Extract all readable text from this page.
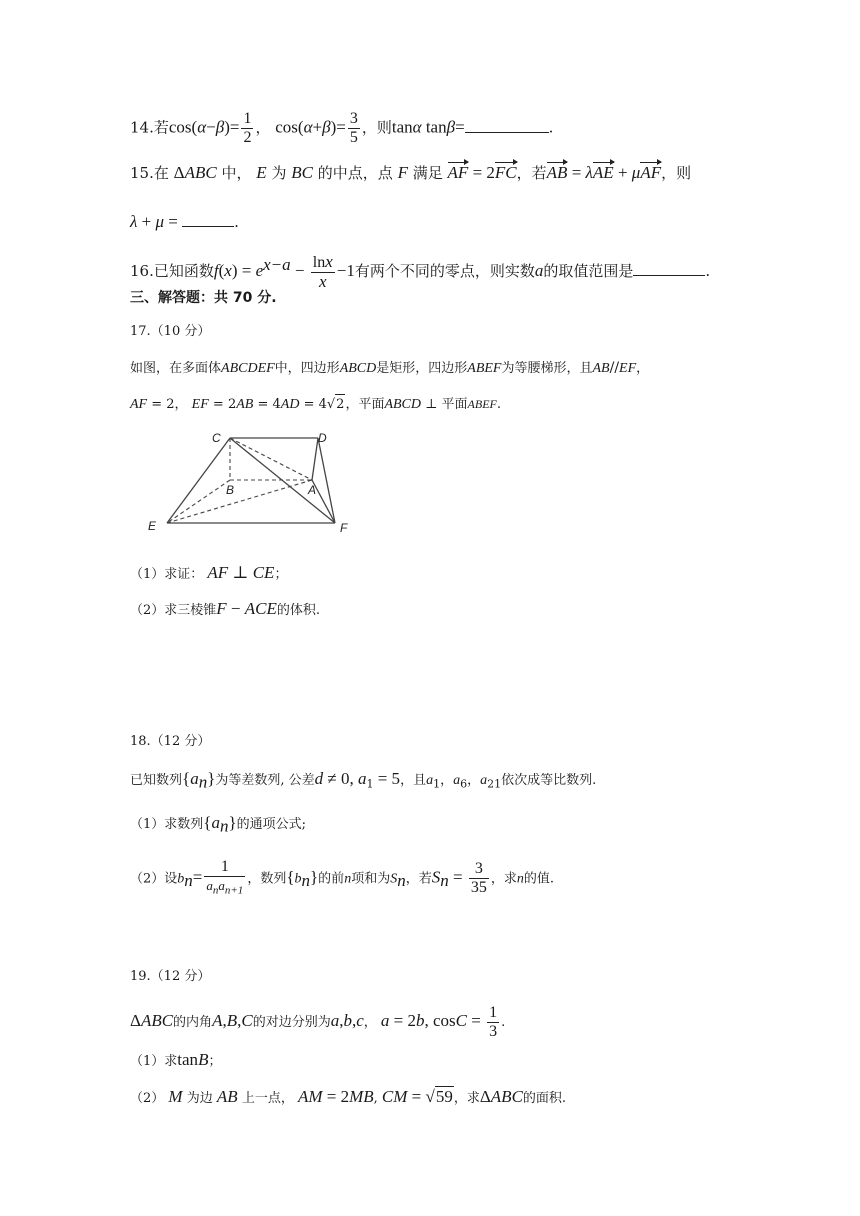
14.若$\cos(\alpha-\beta)= \frac{1}{2}$ ， $\cos(\alpha+\beta)= \frac{3}{5}$ ，则tanα tanβ=	.
15.在 ΔABC 中， E 为 BC 的中点，点 F 满足 AF = 2FC，若AB = λAE + μAF，则
λ + μ =	.
16.已知函数$f(x) = e^{x-a} - \frac{\ln x}{x} -1$有两个不同的零点，则实数a的取值范围是	.
三、解答题：共 70 分.
17.（10 分）
如图，在多面体ABCDEF中，四边形ABCD是矩形，四边形ABEF为等腰梯形，且AB//EF，
AF = 2， EF = 2AB = 4AD = 4√2，平面ABCD ⊥ 平面ABEF.
C	D
B	A
E	F
（1）求证： AF ⊥ CE；
（2）求三棱锥F − ACE的体积.
18.（12 分）
已知数列$\{a_n\}$为等差数列, 公差d ≠ 0, $a_1 = 5$，且$a_1$，$a_6$，$a_{21}$依次成等比数列.
（1）求数列$\{a_n\}$的通项公式;
（2）设$b_n= \frac{1}{a_na_{n+1}}$ ，数列$\{b_n\}$的前n项和为$S_n$，若$S_n = \frac{3}{35}$ ，求n的值.
19.（12 分）
ΔABC的内角A,B,C的对边分别为a,b,c， a = 2b, $\cos C = \frac{1}{3}$ .
（1）求tanB；
（2） M 为边 AB 上一点， AM = 2MB, CM = √59，求ΔABC的面积.
